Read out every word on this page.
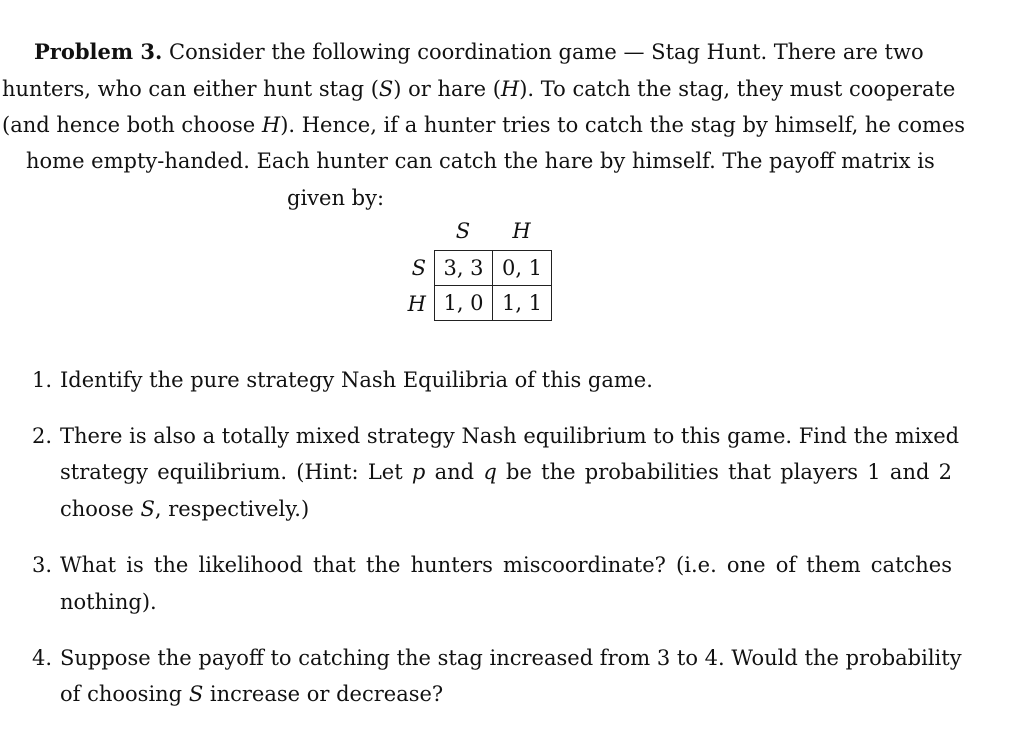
Problem 3. Consider the following coordination game — Stag Hunt. There are two
hunters, who can either hunt stag (S) or hare (H). To catch the stag, they must cooperate
(and hence both choose H). Hence, if a hunter tries to catch the stag by himself, he comes
home empty-handed. Each hunter can catch the hare by himself. The payoff matrix is
given by:
S	H
S
H
3, 3 0, 1
1, 0 1, 1
1. Identify the pure strategy Nash Equilibria of this game.
2. There is also a totally mixed strategy Nash equilibrium to this game. Find the mixed
strategy equilibrium. (Hint: Let p and q be the probabilities that players 1 and 2
choose S, respectively.)
3. What is the likelihood that the hunters miscoordinate? (i.e. one of them catches
nothing).
4. Suppose the payoff to catching the stag increased from 3 to 4. Would the probability
of choosing S increase or decrease?
